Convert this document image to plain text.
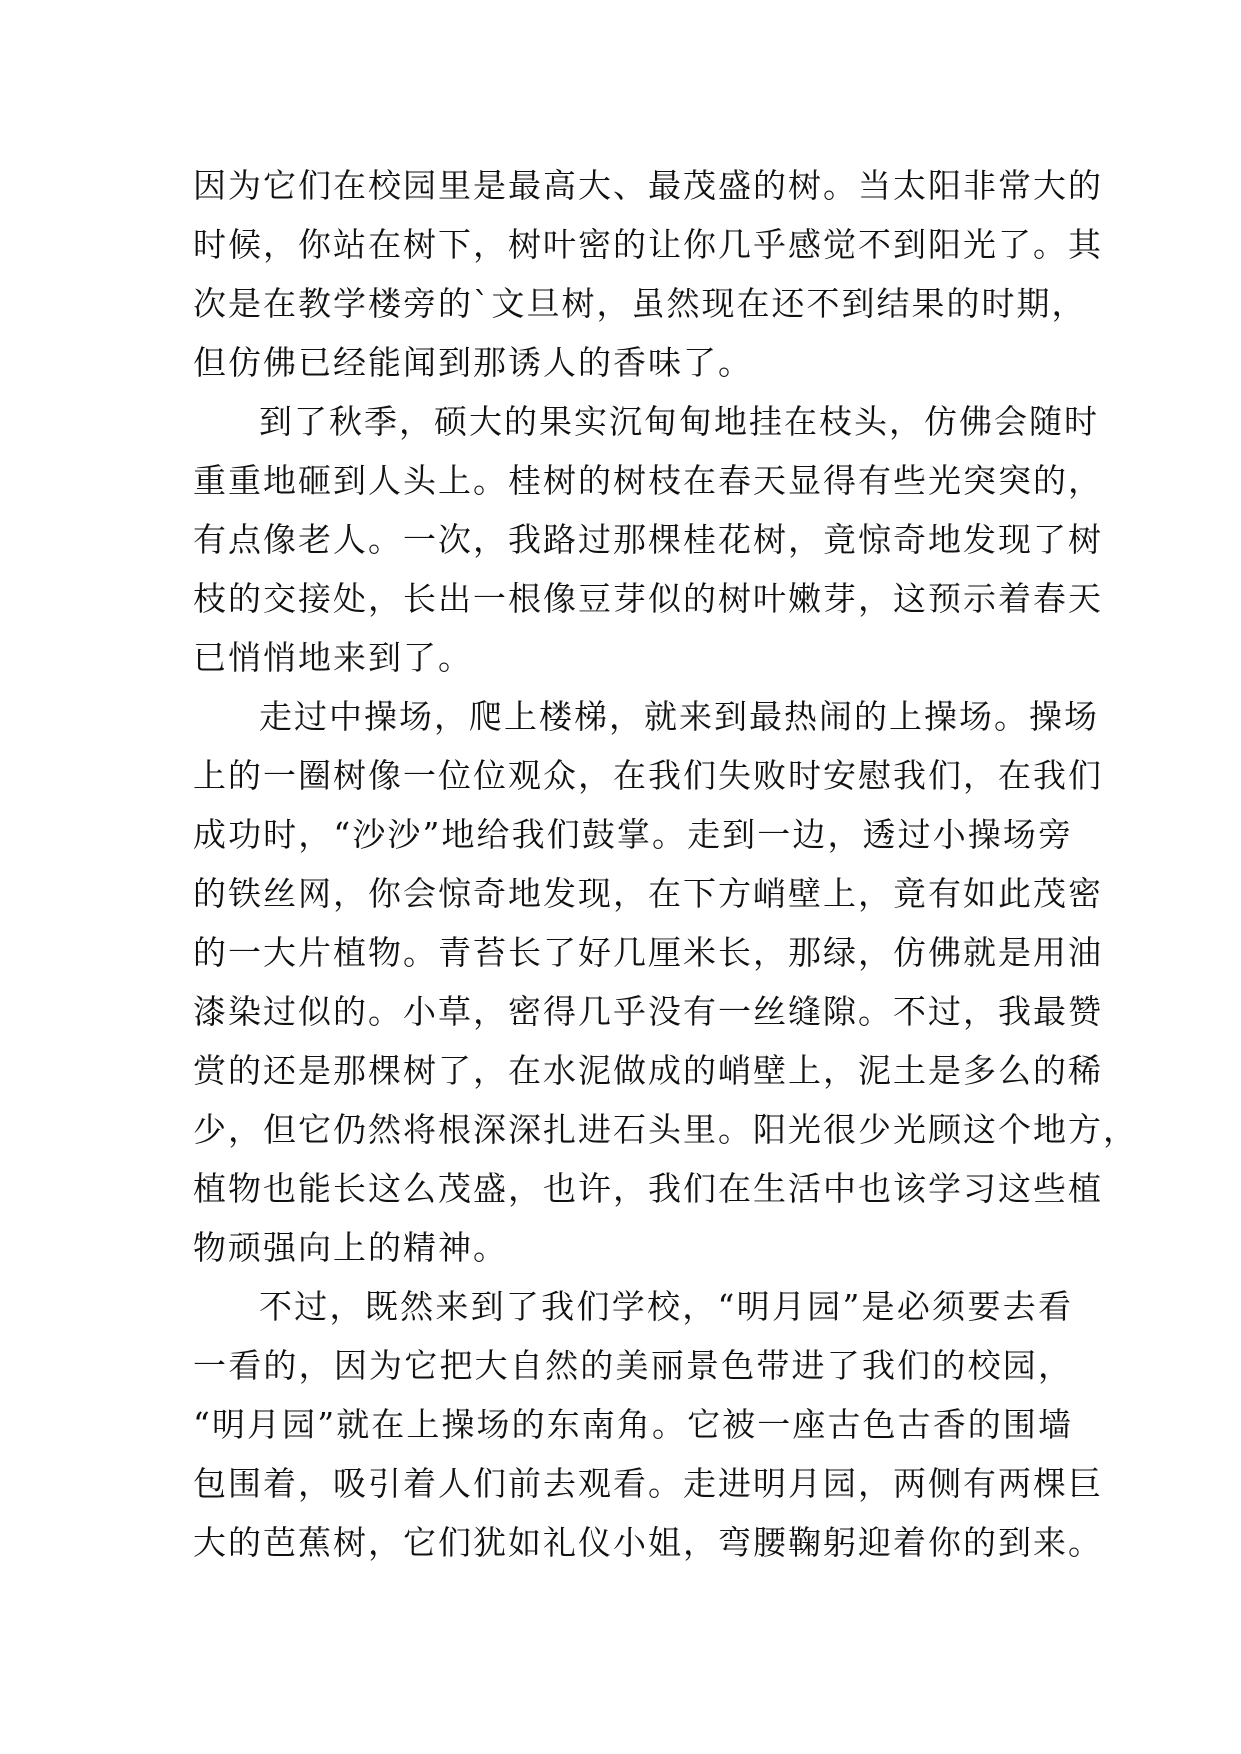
因为它们在校园里是最高大、最茂盛的树。当太阳非常大的
时候，你站在树下，树叶密的让你几乎感觉不到阳光了。其
次是在教学楼旁的`文旦树，虽然现在还不到结果的时期，
但仿佛已经能闻到那诱人的香味了。
到了秋季，硕大的果实沉甸甸地挂在枝头，仿佛会随时
重重地砸到人头上。桂树的树枝在春天显得有些光突突的，
有点像老人。一次，我路过那棵桂花树，竟惊奇地发现了树
枝的交接处，长出一根像豆芽似的树叶嫩芽，这预示着春天
已悄悄地来到了。
走过中操场，爬上楼梯，就来到最热闹的上操场。操场
上的一圈树像一位位观众，在我们失败时安慰我们，在我们
成功时，“沙沙”地给我们鼓掌。走到一边，透过小操场旁
的铁丝网，你会惊奇地发现，在下方峭壁上，竟有如此茂密
的一大片植物。青苔长了好几厘米长，那绿，仿佛就是用油
漆染过似的。小草，密得几乎没有一丝缝隙。不过，我最赞
赏的还是那棵树了，在水泥做成的峭壁上，泥土是多么的稀
少，但它仍然将根深深扎进石头里。阳光很少光顾这个地方，
植物也能长这么茂盛，也许，我们在生活中也该学习这些植
物顽强向上的精神。
不过，既然来到了我们学校，“明月园”是必须要去看
一看的，因为它把大自然的美丽景色带进了我们的校园，
“明月园”就在上操场的东南角。它被一座古色古香的围墙
包围着，吸引着人们前去观看。走进明月园，两侧有两棵巨
大的芭蕉树，它们犹如礼仪小姐，弯腰鞠躬迎着你的到来。
